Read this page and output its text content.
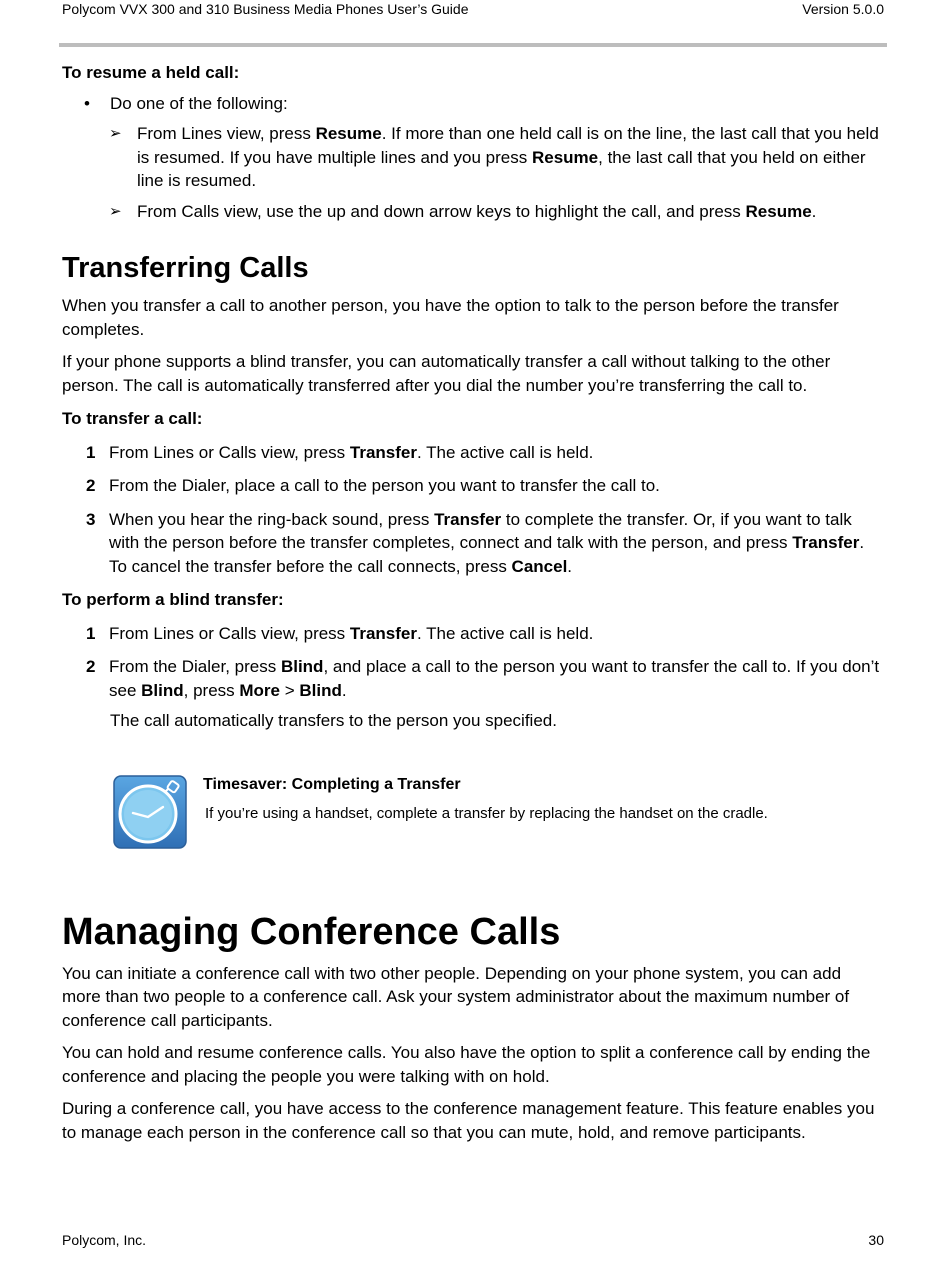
Polycom VVX 300 and 310 Business Media Phones User’s Guide	Version 5.0.0

To resume a held call:

• Do one of the following:
➢ From Lines view, press Resume. If more than one held call is on the line, the last call that you held is resumed. If you have multiple lines and you press Resume, the last call that you held on either line is resumed.
➢ From Calls view, use the up and down arrow keys to highlight the call, and press Resume.
Transferring Calls

When you transfer a call to another person, you have the option to talk to the person before the transfer completes.

If your phone supports a blind transfer, you can automatically transfer a call without talking to the other person. The call is automatically transferred after you dial the number you’re transferring the call to.

To transfer a call:

1 From Lines or Calls view, press Transfer. The active call is held.
2 From the Dialer, place a call to the person you want to transfer the call to.
3 When you hear the ring-back sound, press Transfer to complete the transfer. Or, if you want to talk with the person before the transfer completes, connect and talk with the person, and press Transfer. To cancel the transfer before the call connects, press Cancel.

To perform a blind transfer:

1 From Lines or Calls view, press Transfer. The active call is held.
2 From the Dialer, press Blind, and place a call to the person you want to transfer the call to. If you don’t see Blind, press More > Blind.

The call automatically transfers to the person you specified.

Timesaver: Completing a Transfer
If you’re using a handset, complete a transfer by replacing the handset on the cradle.
Managing Conference Calls

You can initiate a conference call with two other people. Depending on your phone system, you can add more than two people to a conference call. Ask your system administrator about the maximum number of conference call participants.

You can hold and resume conference calls. You also have the option to split a conference call by ending the conference and placing the people you were talking with on hold.

During a conference call, you have access to the conference management feature. This feature enables you to manage each person in the conference call so that you can mute, hold, and remove participants.

Polycom, Inc.	30
